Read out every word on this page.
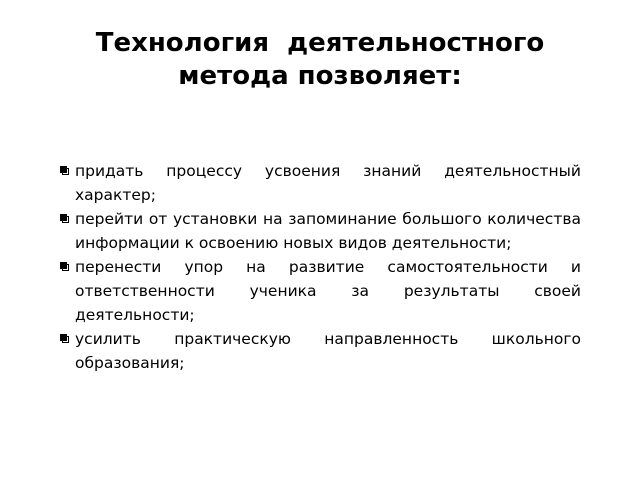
Технология  деятельностного
метода позволяет:
придать процессу усвоения знаний деятельностный характер;
перейти от установки на запоминание большого количества информации к освоению новых видов деятельности;
перенести упор на развитие самостоятельности и ответственности ученика за результаты своей деятельности;
усилить практическую направленность школьного образования;
